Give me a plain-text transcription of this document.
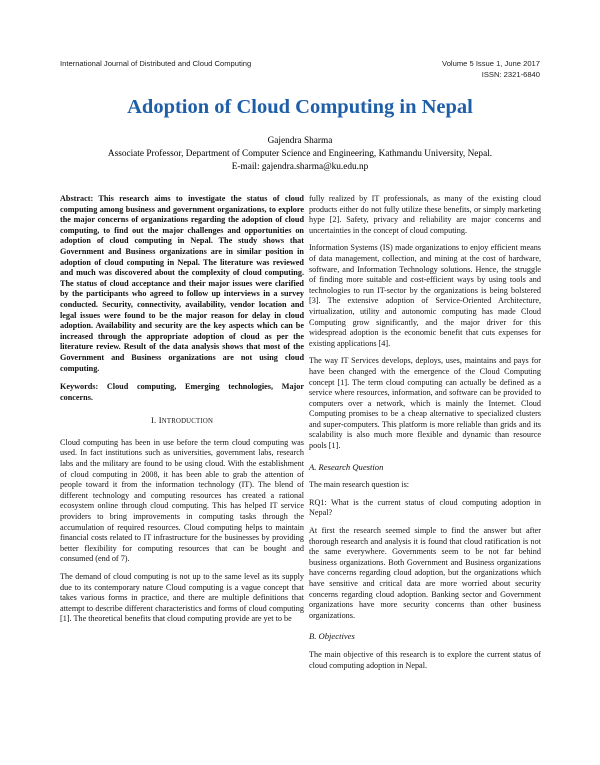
International Journal of Distributed and Cloud Computing	Volume 5 Issue 1, June 2017
ISSN: 2321-6840
Adoption of Cloud Computing in Nepal
Gajendra Sharma
Associate Professor, Department of Computer Science and Engineering, Kathmandu University, Nepal.
E-mail: gajendra.sharma@ku.edu.np

Abstract: This research aims to investigate the status of cloud computing among business and government organizations, to explore the major concerns of organizations regarding the adoption of cloud computing, to find out the major challenges and opportunities on adoption of cloud computing in Nepal. The study shows that Government and Business organizations are in similar position in adoption of cloud computing in Nepal. The literature was reviewed and much was discovered about the complexity of cloud computing. The status of cloud acceptance and their major issues were clarified by the participants who agreed to follow up interviews in a survey conducted. Security, connectivity, availability, vendor location and legal issues were found to be the major reason for delay in cloud adoption. Availability and security are the key aspects which can be increased through the appropriate adoption of cloud as per the literature review. Result of the data analysis shows that most of the Government and Business organizations are not using cloud computing.

Keywords: Cloud computing, Emerging technologies, Major concerns.

I. INTRODUCTION

Cloud computing has been in use before the term cloud computing was used. In fact institutions such as universities, government labs, research labs and the military are found to be using cloud. With the establishment of cloud computing in 2008, it has been able to grab the attention of people toward it from the information technology (IT). The blend of different technology and computing resources has created a rational ecosystem online through cloud computing. This has helped IT service providers to bring improvements in computing tasks through the accumulation of required resources. Cloud computing helps to maintain financial costs related to IT infrastructure for the businesses by providing better flexibility for computing resources that can be bought and consumed (end of 7).

The demand of cloud computing is not up to the same level as its supply due to its contemporary nature Cloud computing is a vague concept that takes various forms in practice, and there are multiple definitions that attempt to describe different characteristics and forms of cloud computing [1]. The theoretical benefits that cloud computing provide are yet to be

fully realized by IT professionals, as many of the existing cloud products either do not fully utilize these benefits, or simply marketing hype [2]. Safety, privacy and reliability are major concerns and uncertainties in the concept of cloud computing.

Information Systems (IS) made organizations to enjoy efficient means of data management, collection, and mining at the cost of hardware, software, and Information Technology solutions. Hence, the struggle of finding more suitable and cost-efficient ways by using tools and technologies to run IT-sector by the organizations is being bolstered [3]. The extensive adoption of Service-Oriented Architecture, virtualization, utility and autonomic computing has made Cloud Computing grow significantly, and the major driver for this widespread adoption is the economic benefit that cuts expenses for existing applications [4].

The way IT Services develops, deploys, uses, maintains and pays for have been changed with the emergence of the Cloud Computing concept [1]. The term cloud computing can actually be defined as a service where resources, information, and software can be provided to computers over a network, which is mainly the Internet. Cloud Computing promises to be a cheap alternative to specialized clusters and super-computers. This platform is more reliable than grids and its scalability is also much more flexible and dynamic than resource pools [1].

A. Research Question

The main research question is:

RQ1: What is the current status of cloud computing adoption in Nepal?

At first the research seemed simple to find the answer but after thorough research and analysis it is found that cloud ratification is not the same everywhere. Governments seem to be not far behind business organizations. Both Government and Business organizations have concerns regarding cloud adoption, but the organizations which have sensitive and critical data are more worried about security concerns regarding cloud adoption. Banking sector and Government organizations have more security concerns than other business organizations.

B. Objectives

The main objective of this research is to explore the current status of cloud computing adoption in Nepal.
